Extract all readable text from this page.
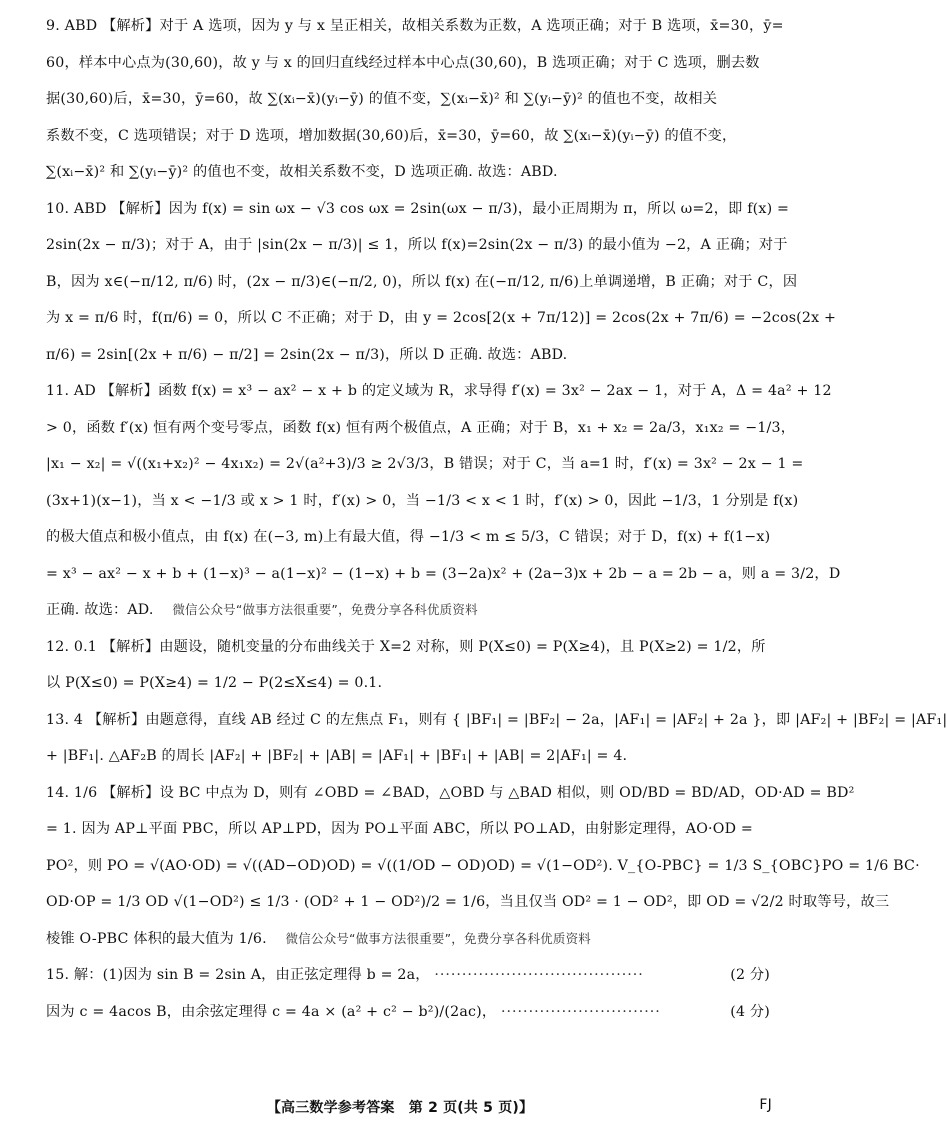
9. ABD 【解析】对于 A 选项，因为 y 与 x 呈正相关，故相关系数为正数，A 选项正确；对于 B 选项，x̄=30，ȳ=
60，样本中心点为(30,60)，故 y 与 x 的回归直线经过样本中心点(30,60)，B 选项正确；对于 C 选项，删去数
据(30,60)后，x̄=30，ȳ=60，故 ∑(xᵢ−x̄)(yᵢ−ȳ) 的值不变，∑(xᵢ−x̄)² 和 ∑(yᵢ−ȳ)² 的值也不变，故相关
系数不变，C 选项错误；对于 D 选项，增加数据(30,60)后，x̄=30，ȳ=60，故 ∑(xᵢ−x̄)(yᵢ−ȳ) 的值不变，
∑(xᵢ−x̄)² 和 ∑(yᵢ−ȳ)² 的值也不变，故相关系数不变，D 选项正确. 故选：ABD.
10. ABD 【解析】因为 f(x) = sin ωx − √3 cos ωx = 2sin(ωx − π/3)，最小正周期为 π，所以 ω=2，即 f(x) =
2sin(2x − π/3)；对于 A，由于 |sin(2x − π/3)| ≤ 1，所以 f(x)=2sin(2x − π/3) 的最小值为 −2，A 正确；对于
B，因为 x∈(−π/12, π/6) 时，(2x − π/3)∈(−π/2, 0)，所以 f(x) 在(−π/12, π/6)上单调递增，B 正确；对于 C，因
为 x = π/6 时，f(π/6) = 0，所以 C 不正确；对于 D，由 y = 2cos[2(x + 7π/12)] = 2cos(2x + 7π/6) = −2cos(2x +
π/6) = 2sin[(2x + π/6) − π/2] = 2sin(2x − π/3)，所以 D 正确. 故选：ABD.
11. AD 【解析】函数 f(x) = x³ − ax² − x + b 的定义域为 R，求导得 f′(x) = 3x² − 2ax − 1，对于 A，Δ = 4a² + 12
> 0，函数 f′(x) 恒有两个变号零点，函数 f(x) 恒有两个极值点，A 正确；对于 B，x₁ + x₂ = 2a/3，x₁x₂ = −1/3，
|x₁ − x₂| = √((x₁+x₂)² − 4x₁x₂) = 2√(a²+3)/3 ≥ 2√3/3，B 错误；对于 C，当 a=1 时，f′(x) = 3x² − 2x − 1 =
(3x+1)(x−1)，当 x < −1/3 或 x > 1 时，f′(x) > 0，当 −1/3 < x < 1 时，f′(x) > 0，因此 −1/3，1 分别是 f(x)
的极大值点和极小值点，由 f(x) 在(−3, m)上有最大值，得 −1/3 < m ≤ 5/3，C 错误；对于 D，f(x) + f(1−x)
= x³ − ax² − x + b + (1−x)³ − a(1−x)² − (1−x) + b = (3−2a)x² + (2a−3)x + 2b − a = 2b − a，则 a = 3/2，D
正确. 故选：AD. 微信公众号“做事方法很重要”，免费分享各科优质资料
12. 0.1 【解析】由题设，随机变量的分布曲线关于 X=2 对称，则 P(X≤0) = P(X≥4)，且 P(X≥2) = 1/2，所
以 P(X≤0) = P(X≥4) = 1/2 − P(2≤X≤4) = 0.1.
13. 4 【解析】由题意得，直线 AB 经过 C 的左焦点 F₁，则有 { |BF₁| = |BF₂| − 2a，|AF₁| = |AF₂| + 2a }，即 |AF₂| + |BF₂| = |AF₁|
+ |BF₁|. △AF₂B 的周长 |AF₂| + |BF₂| + |AB| = |AF₁| + |BF₁| + |AB| = 2|AF₁| = 4.
14. 1/6 【解析】设 BC 中点为 D，则有 ∠OBD = ∠BAD，△OBD 与 △BAD 相似，则 OD/BD = BD/AD，OD·AD = BD²
= 1. 因为 AP⊥平面 PBC，所以 AP⊥PD，因为 PO⊥平面 ABC，所以 PO⊥AD，由射影定理得，AO·OD =
PO²，则 PO = √(AO·OD) = √((AD−OD)OD) = √((1/OD − OD)OD) = √(1−OD²). V_{O-PBC} = 1/3 S_{OBC}PO = 1/6 BC·
OD·OP = 1/3 OD √(1−OD²) ≤ 1/3 · (OD² + 1 − OD²)/2 = 1/6，当且仅当 OD² = 1 − OD²，即 OD = √2/2 时取等号，故三
棱锥 O-PBC 体积的最大值为 1/6. 微信公众号“做事方法很重要”，免费分享各科优质资料
15. 解：(1)因为 sin B = 2sin A，由正弦定理得 b = 2a， ······································	(2 分)
因为 c = 4acos B，由余弦定理得 c = 4a × (a² + c² − b²)/(2ac)， ·····························	(4 分)
【高三数学参考答案　第 2 页(共 5 页)】	FJ
